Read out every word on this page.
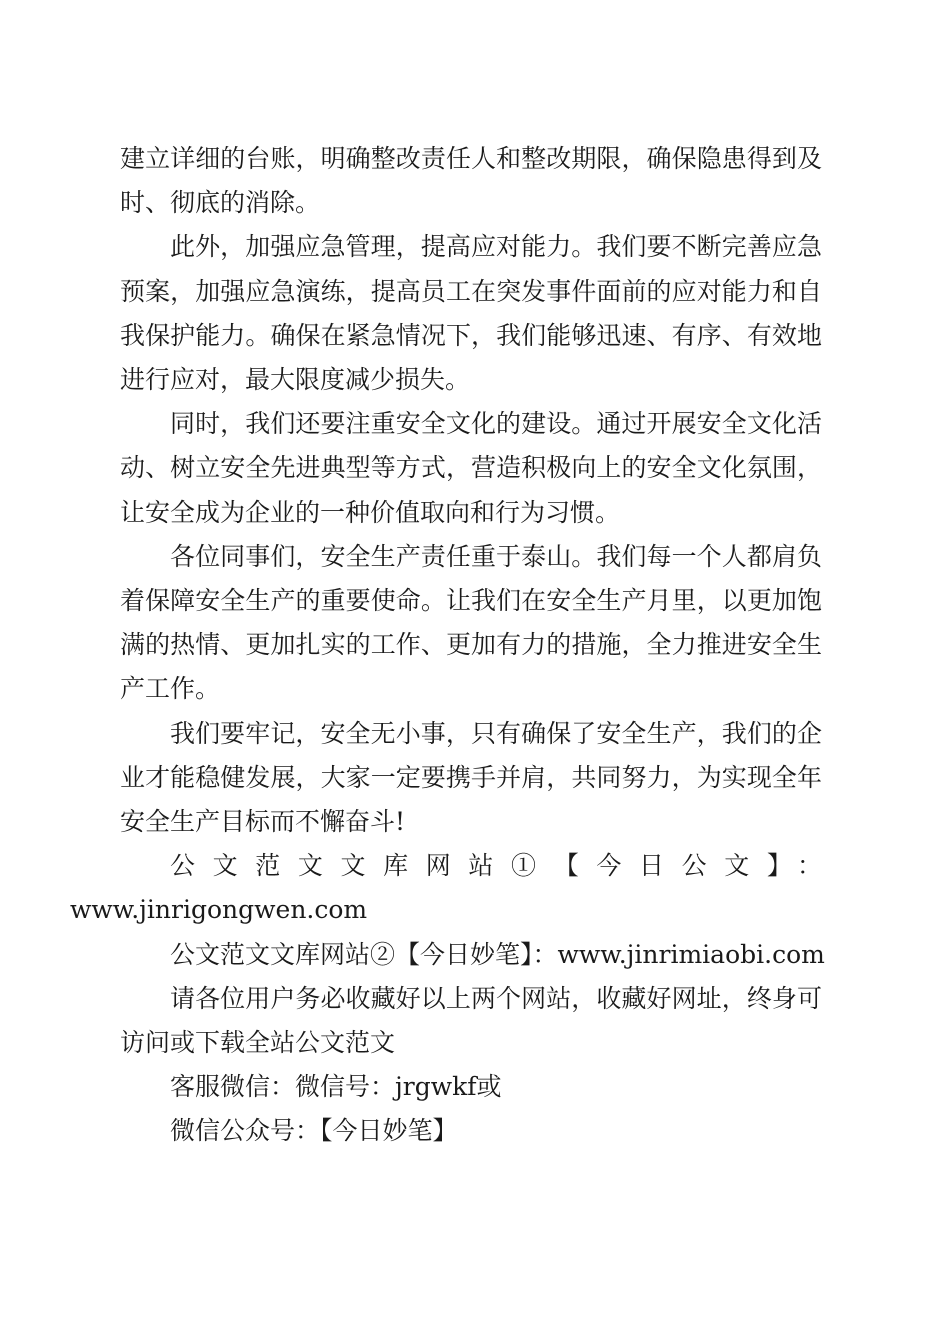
建立详细的台账，明确整改责任人和整改期限，确保隐患得到及时、彻底的消除。

此外，加强应急管理，提高应对能力。我们要不断完善应急预案，加强应急演练，提高员工在突发事件面前的应对能力和自我保护能力。确保在紧急情况下，我们能够迅速、有序、有效地进行应对，最大限度减少损失。

同时，我们还要注重安全文化的建设。通过开展安全文化活动、树立安全先进典型等方式，营造积极向上的安全文化氛围，让安全成为企业的一种价值取向和行为习惯。

各位同事们，安全生产责任重于泰山。我们每一个人都肩负着保障安全生产的重要使命。让我们在安全生产月里，以更加饱满的热情、更加扎实的工作、更加有力的措施，全力推进安全生产工作。

我们要牢记，安全无小事，只有确保了安全生产，我们的企业才能稳健发展，大家一定要携手并肩，共同努力，为实现全年安全生产目标而不懈奋斗!

公文范文文库网站①【今日公文】：
www.jinrigongwen.com

公文范文文库网站②【今日妙笔】：www.jinrimiaobi.com

请各位用户务必收藏好以上两个网站，收藏好网址，终身可访问或下载全站公文范文

客服微信：微信号：jrgwkf或

微信公众号：【今日妙笔】
